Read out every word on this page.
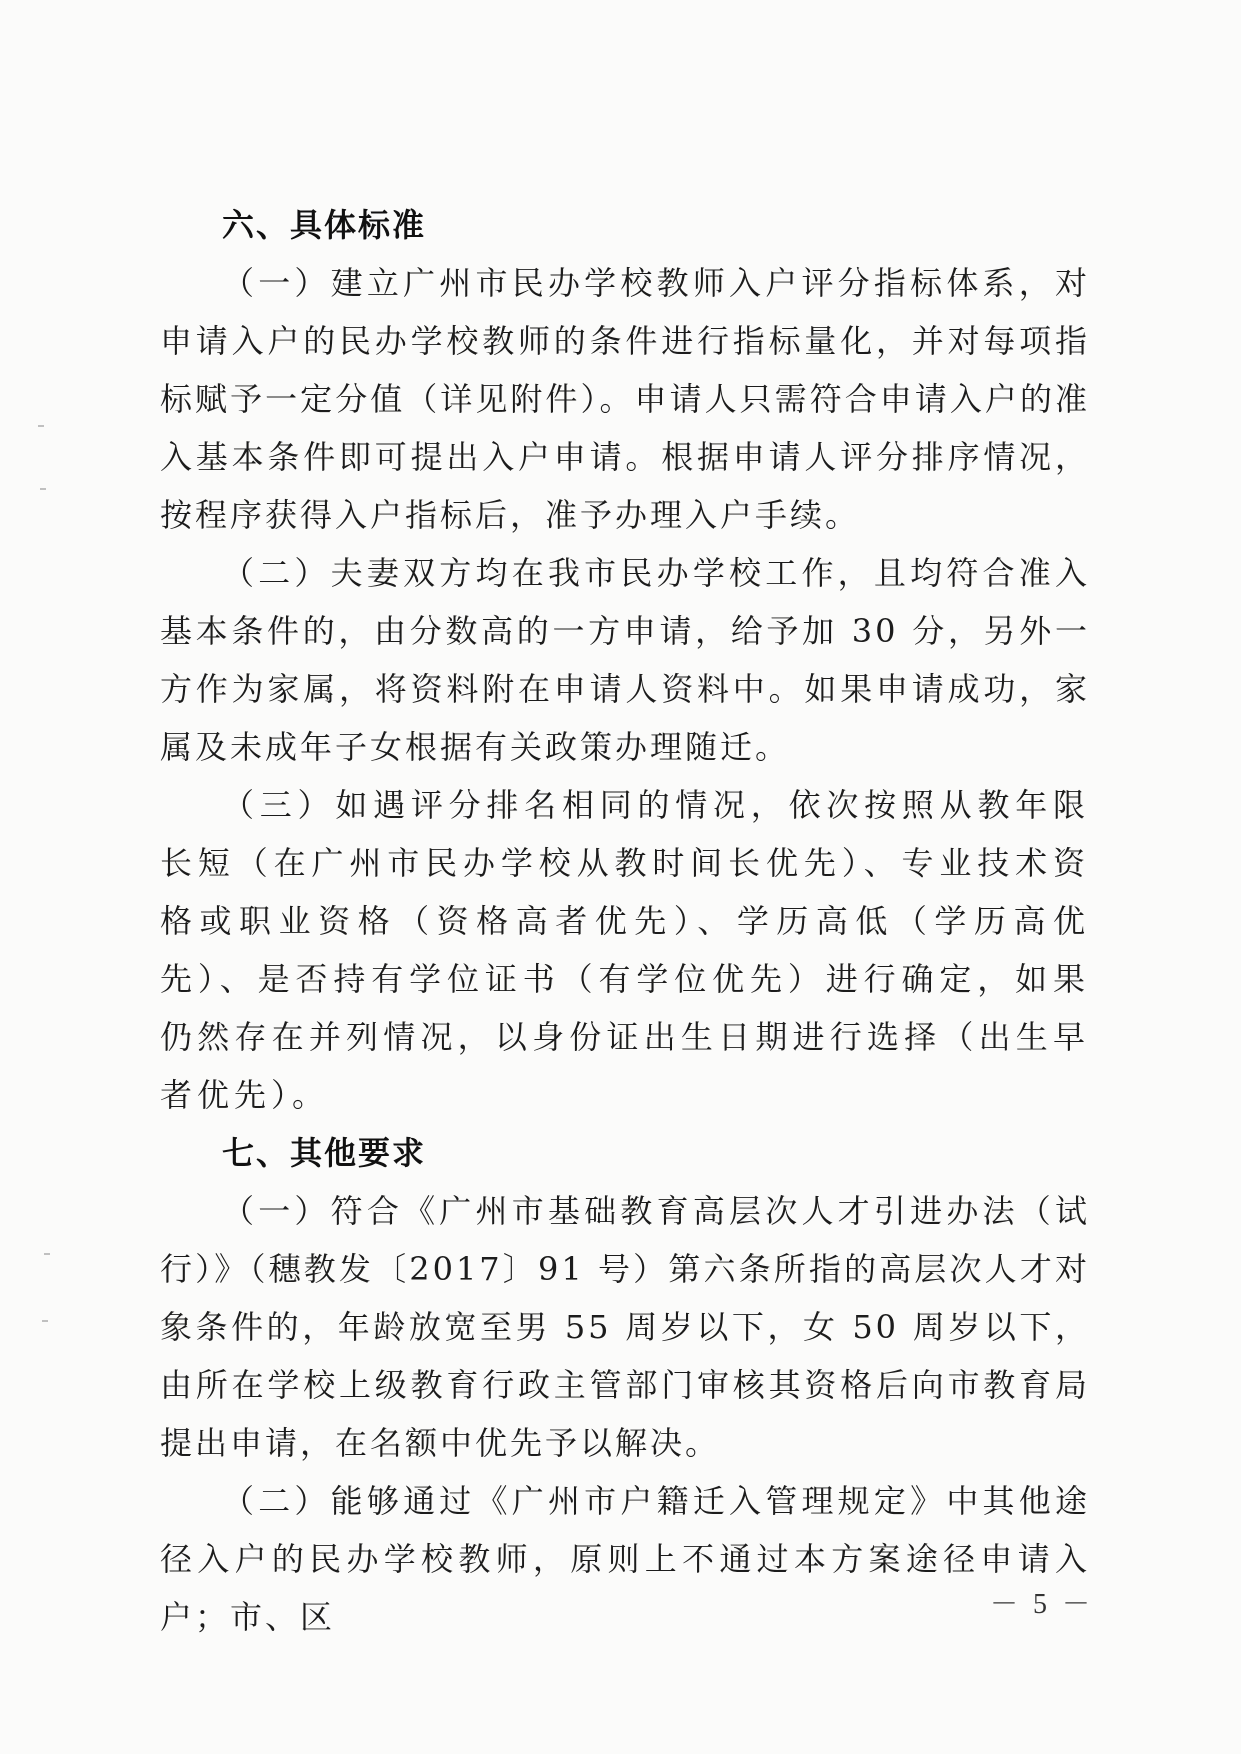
六、具体标准

（一）建立广州市民办学校教师入户评分指标体系，对申请入户的民办学校教师的条件进行指标量化，并对每项指标赋予一定分值（详见附件）。申请人只需符合申请入户的准入基本条件即可提出入户申请。根据申请人评分排序情况，按程序获得入户指标后，准予办理入户手续。

（二）夫妻双方均在我市民办学校工作，且均符合准入基本条件的，由分数高的一方申请，给予加 30 分，另外一方作为家属，将资料附在申请人资料中。如果申请成功，家属及未成年子女根据有关政策办理随迁。

（三）如遇评分排名相同的情况，依次按照从教年限长短（在广州市民办学校从教时间长优先）、专业技术资格或职业资格（资格高者优先）、学历高低（学历高优先）、是否持有学位证书（有学位优先）进行确定，如果仍然存在并列情况，以身份证出生日期进行选择（出生早者优先）。

七、其他要求

（一）符合《广州市基础教育高层次人才引进办法（试行）》（穗教发〔2017〕91 号）第六条所指的高层次人才对象条件的，年龄放宽至男 55 周岁以下，女 50 周岁以下，由所在学校上级教育行政主管部门审核其资格后向市教育局提出申请，在名额中优先予以解决。

（二）能够通过《广州市户籍迁入管理规定》中其他途径入户的民办学校教师，原则上不通过本方案途径申请入户；市、区	－ 5 －
